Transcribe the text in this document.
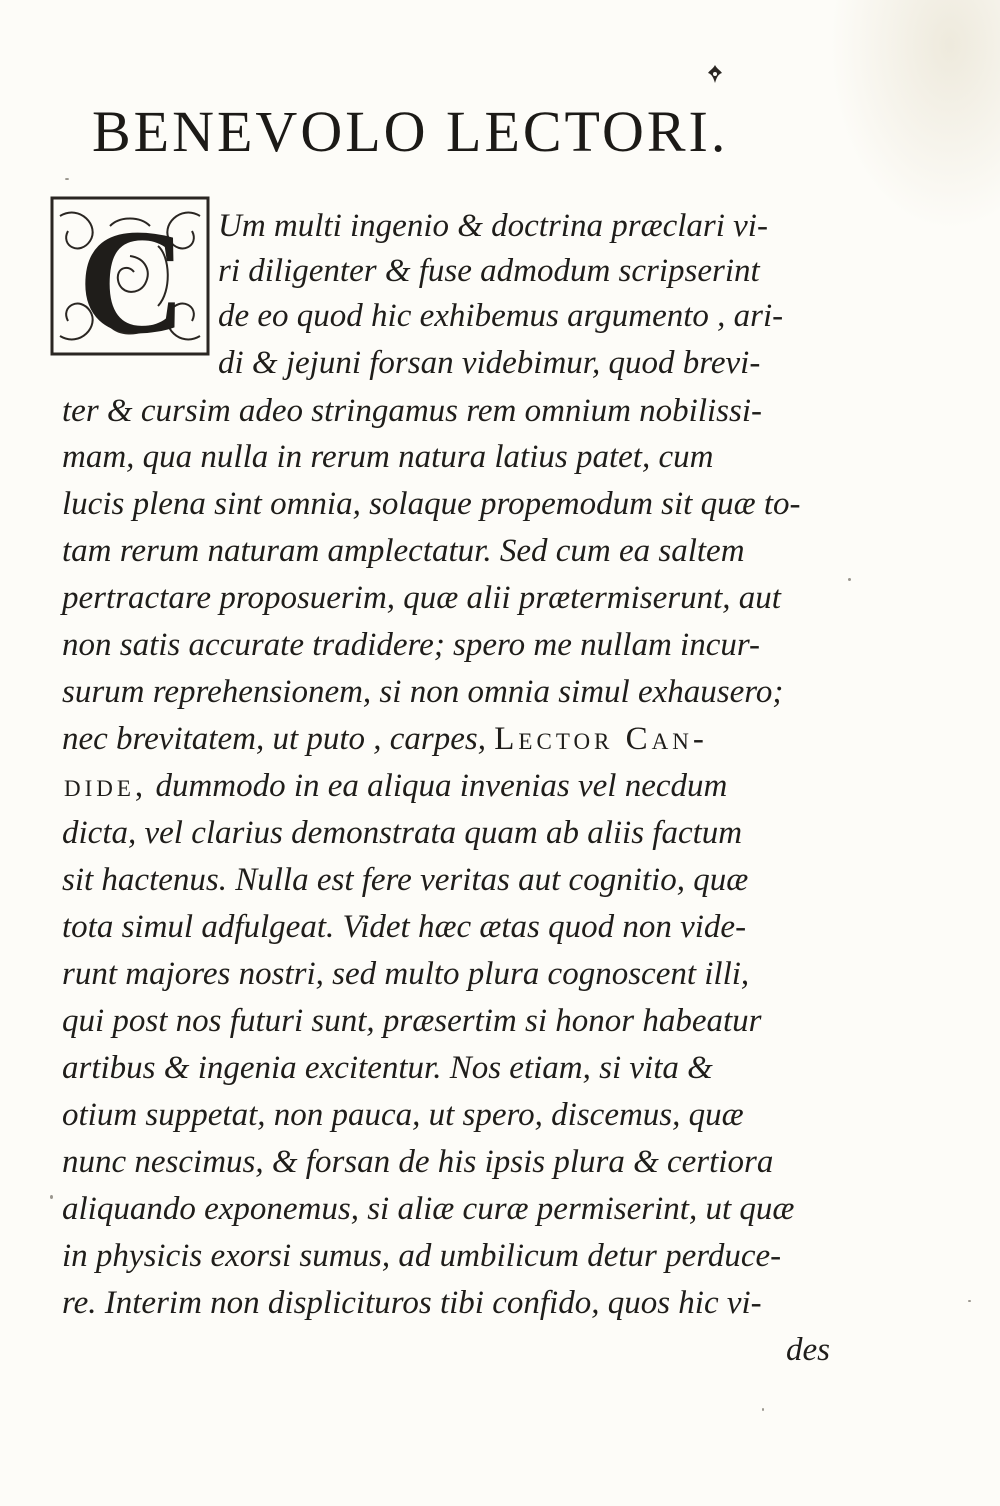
BENEVOLO LECTORI.
C Um multi ingenio & doctrina præclari vi-

ri diligenter & fuse admodum scripserint

de eo quod hic exhibemus argumento , ari-

di & jejuni forsan videbimur, quod brevi-

ter & cursim adeo stringamus rem omnium nobilissi-

mam, qua nulla in rerum natura latius patet, cum

lucis plena sint omnia, solaque propemodum sit quæ to-

tam rerum naturam amplectatur. Sed cum ea saltem

pertractare proposuerim, quæ alii prætermiserunt, aut

non satis accurate tradidere; spero me nullam incur-

surum reprehensionem, si non omnia simul exhausero;

nec brevitatem, ut puto , carpes, Lector Can-

dide, dummodo in ea aliqua invenias vel necdum

dicta, vel clarius demonstrata quam ab aliis factum

sit hactenus. Nulla est fere veritas aut cognitio, quæ

tota simul adfulgeat. Videt hæc ætas quod non vide-

runt majores nostri, sed multo plura cognoscent illi,

qui post nos futuri sunt, præsertim si honor habeatur

artibus & ingenia excitentur. Nos etiam, si vita &

otium suppetat, non pauca, ut spero, discemus, quæ

nunc nescimus, & forsan de his ipsis plura & certiora

aliquando exponemus, si aliæ curæ permiserint, ut quæ

in physicis exorsi sumus, ad umbilicum detur perduce-

re. Interim non displicituros tibi confido, quos hic vi-

des
